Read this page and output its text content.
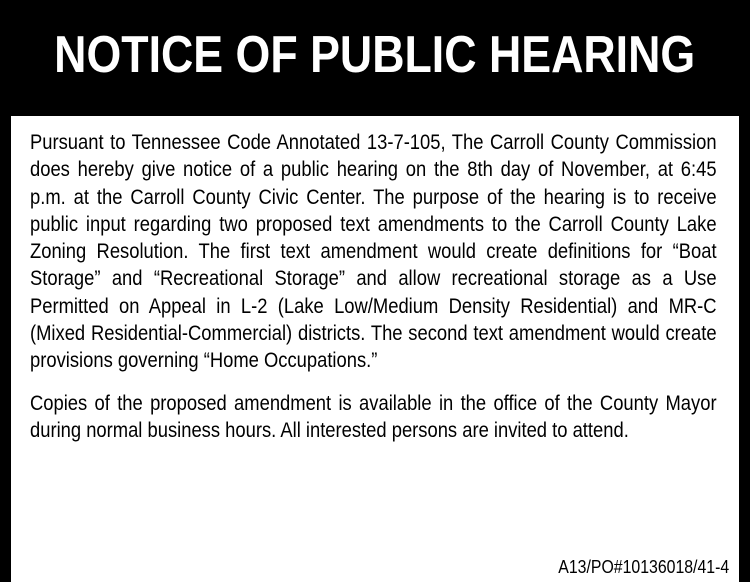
NOTICE OF PUBLIC HEARING

Pursuant to Tennessee Code Annotated 13-7-105, The Carroll County Commission does hereby give notice of a public hearing on the 8th day of November, at 6:45 p.m. at the Carroll County Civic Center. The purpose of the hearing is to receive public input regarding two proposed text amendments to the Carroll County Lake Zoning Resolution. The first text amendment would create definitions for “Boat Storage” and “Recreational Storage” and allow recreational storage as a Use Permitted on Appeal in L-2 (Lake Low/Medium Density Residential) and MR-C (Mixed Residential-Commercial) districts. The second text amendment would create provisions governing “Home Occupations.”

Copies of the proposed amendment is available in the office of the County Mayor during normal business hours. All interested persons are invited to attend.

A13/PO#10136018/41-4
